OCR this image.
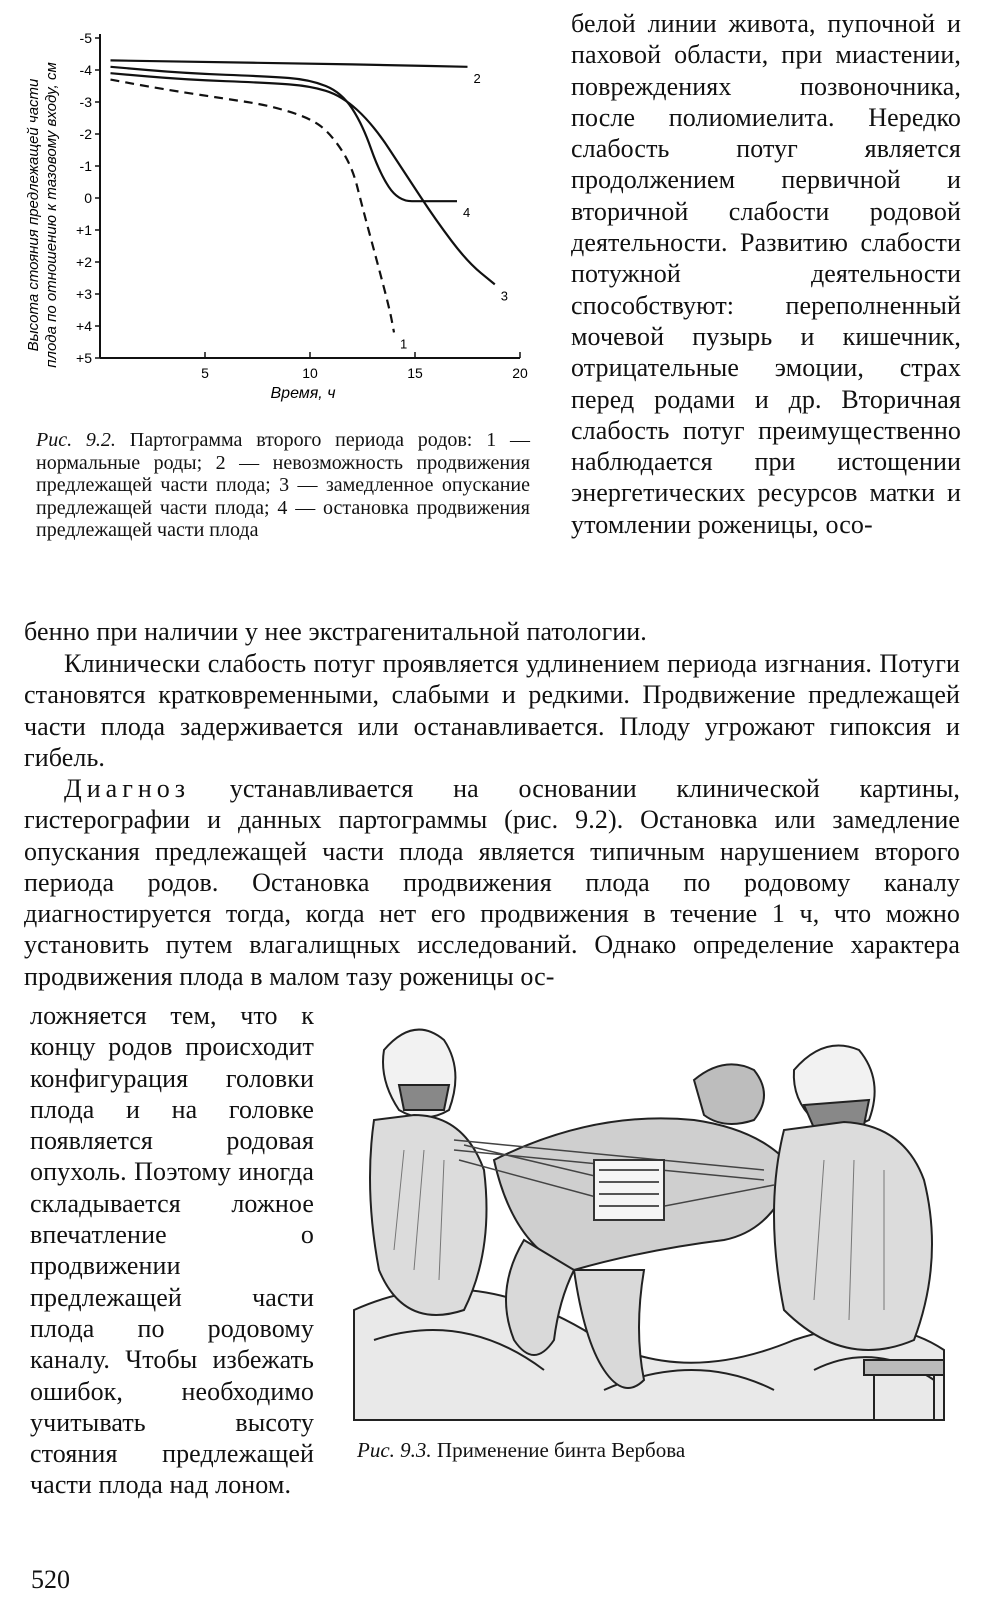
-5
-4
-3
-2
-1
0
+1
+2
+3
+4
+5
5	10	15	20
1
2
3
4
Время, ч
Высота стояния предлежащей частиплода по отношению к тазовому входу, см
белой линии живота, пупочной и паховой области, при миастении, повреждениях позвоночника, после полиомиелита. Нередко слабость потуг является продолжением первичной и вторичной слабости родовой деятельности. Развитию слабости потужной деятельности способствуют: переполненный мочевой пузырь и кишечник, отрицательные эмоции, страх перед родами и др. Вторичная слабость потуг преимущественно наблюдается при истощении энергетических ресурсов матки и утомлении роженицы, осо-
Рис. 9.2. Партограмма второго периода родов: 1 — нормальные роды; 2 — невозможность продвижения предлежащей части плода; 3 — замедленное опускание предлежащей части плода; 4 — остановка продвижения предлежащей части плода
бенно при наличии у нее экстрагенитальной патологии.
Клинически слабость потуг проявляется удлинением периода изгнания. Потуги становятся кратковременными, слабыми и редкими. Продвижение предлежащей части плода задерживается или останавливается. Плоду угрожают гипоксия и гибель.
Диагноз устанавливается на основании клинической картины, гистерографии и данных партограммы (рис. 9.2). Остановка или замедление опускания предлежащей части плода является типичным нарушением второго периода родов. Остановка продвижения плода по родовому каналу диагностируется тогда, когда нет его продвижения в течение 1 ч, что можно установить путем влагалищных исследований. Однако определение характера продвижения плода в малом тазу роженицы ос-
ложняется тем, что к концу родов происходит конфигурация головки плода и на головке появляется родовая опухоль. Поэтому иногда складывается ложное впечатление о продвижении предлежащей части плода по родовому каналу. Чтобы избежать ошибок, необходимо учитывать высоту стояния предлежащей части плода над лоном.
Рис. 9.3. Применение бинта Вербова
520
